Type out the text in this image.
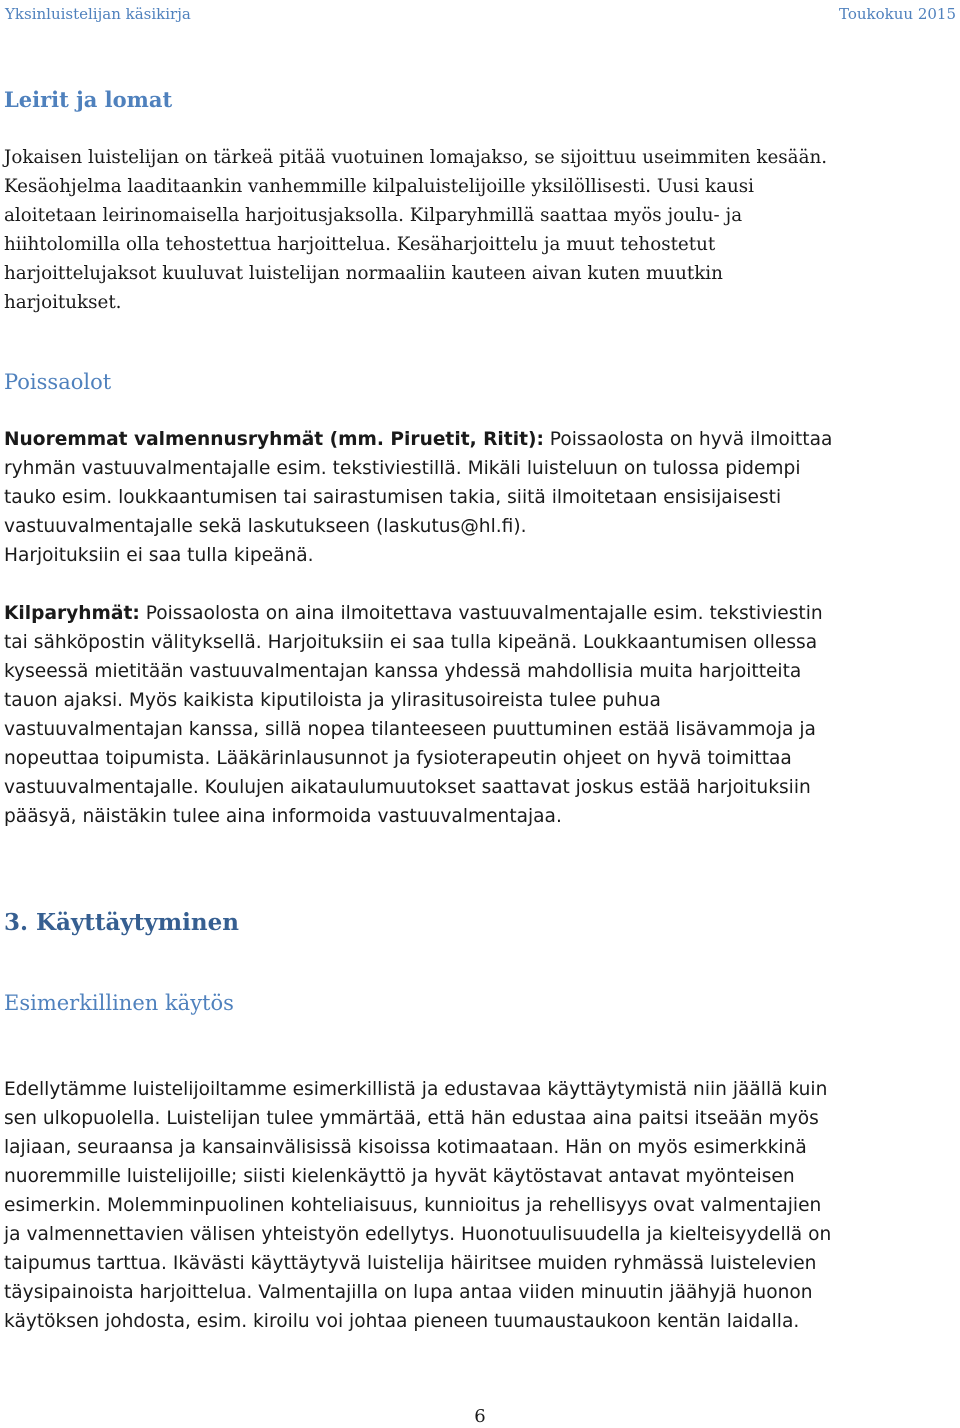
Yksinluistelijan käsikirja	Toukokuu 2015
Leirit ja lomat

Jokaisen luistelijan on tärkeä pitää vuotuinen lomajakso, se sijoittuu useimmiten kesään.
Kesäohjelma laaditaankin vanhemmille kilpaluistelijoille yksilöllisesti. Uusi kausi
aloitetaan leirinomaisella harjoitusjaksolla. Kilparyhmillä saattaa myös joulu- ja
hiihtolomilla olla tehostettua harjoittelua. Kesäharjoittelu ja muut tehostetut
harjoittelujaksot kuuluvat luistelijan normaaliin kauteen aivan kuten muutkin
harjoitukset.

Poissaolot

Nuoremmat valmennusryhmät (mm. Piruetit, Ritit): Poissaolosta on hyvä ilmoittaa
ryhmän vastuuvalmentajalle esim. tekstiviestillä. Mikäli luisteluun on tulossa pidempi
tauko esim. loukkaantumisen tai sairastumisen takia, siitä ilmoitetaan ensisijaisesti
vastuuvalmentajalle sekä laskutukseen (laskutus@hl.fi).
Harjoituksiin ei saa tulla kipeänä.

Kilparyhmät: Poissaolosta on aina ilmoitettava vastuuvalmentajalle esim. tekstiviestin
tai sähköpostin välityksellä. Harjoituksiin ei saa tulla kipeänä. Loukkaantumisen ollessa
kyseessä mietitään vastuuvalmentajan kanssa yhdessä mahdollisia muita harjoitteita
tauon ajaksi. Myös kaikista kiputiloista ja ylirasitusoireista tulee puhua
vastuuvalmentajan kanssa, sillä nopea tilanteeseen puuttuminen estää lisävammoja ja
nopeuttaa toipumista. Lääkärinlausunnot ja fysioterapeutin ohjeet on hyvä toimittaa
vastuuvalmentajalle. Koulujen aikataulumuutokset saattavat joskus estää harjoituksiin
pääsyä, näistäkin tulee aina informoida vastuuvalmentajaa.

3. Käyttäytyminen
Esimerkillinen käytös

Edellytämme luistelijoiltamme esimerkillistä ja edustavaa käyttäytymistä niin jäällä kuin
sen ulkopuolella. Luistelijan tulee ymmärtää, että hän edustaa aina paitsi itseään myös
lajiaan, seuraansa ja kansainvälisissä kisoissa kotimaataan. Hän on myös esimerkkinä
nuoremmille luistelijoille; siisti kielenkäyttö ja hyvät käytöstavat antavat myönteisen
esimerkin. Molemminpuolinen kohteliaisuus, kunnioitus ja rehellisyys ovat valmentajien
ja valmennettavien välisen yhteistyön edellytys. Huonotuulisuudella ja kielteisyydellä on
taipumus tarttua. Ikävästi käyttäytyvä luistelija häiritsee muiden ryhmässä luistelevien
täysipainoista harjoittelua. Valmentajilla on lupa antaa viiden minuutin jäähyjä huonon
käytöksen johdosta, esim. kiroilu voi johtaa pieneen tuumaustaukoon kentän laidalla.

6
